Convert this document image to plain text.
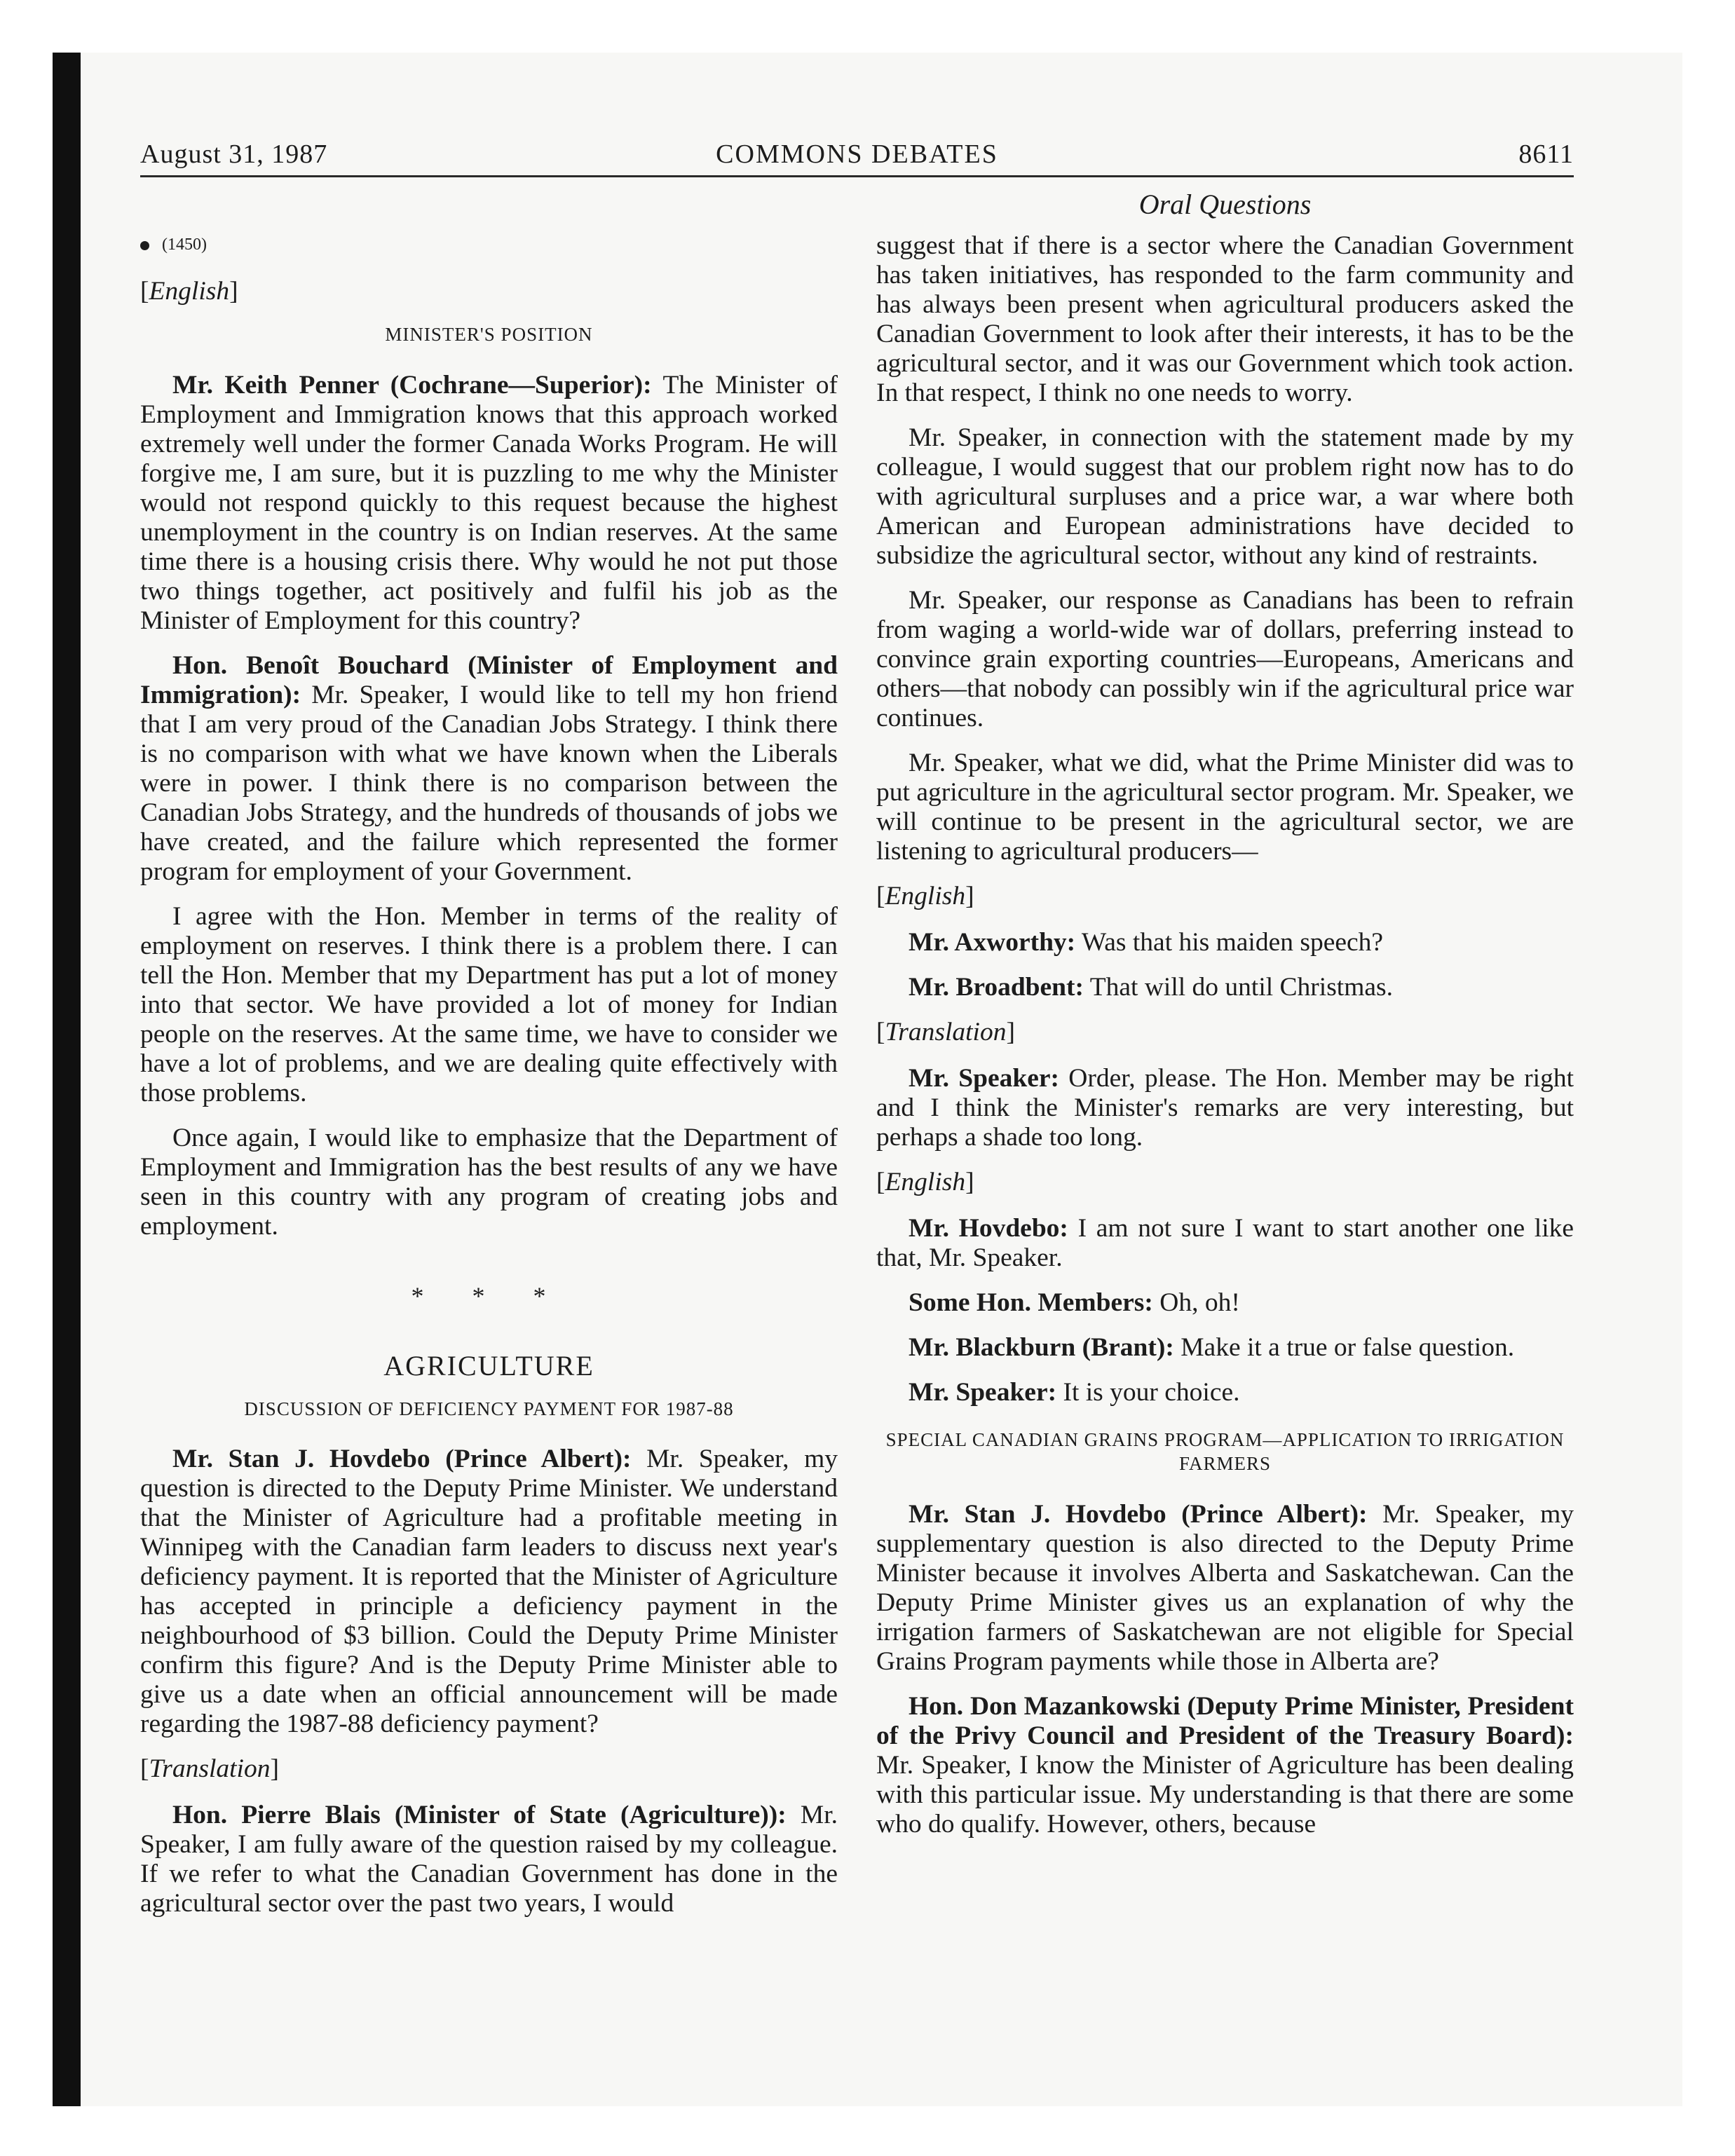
August 31, 1987	COMMONS DEBATES	8611
Oral Questions
(1450)
[English]
MINISTER'S POSITION

Mr. Keith Penner (Cochrane—Superior): The Minister of Employment and Immigration knows that this approach worked extremely well under the former Canada Works Program. He will forgive me, I am sure, but it is puzzling to me why the Minister would not respond quickly to this request because the highest unemployment in the country is on Indian reserves. At the same time there is a housing crisis there. Why would he not put those two things together, act positively and fulfil his job as the Minister of Employment for this country?

Hon. Benoît Bouchard (Minister of Employment and Immigration): Mr. Speaker, I would like to tell my hon friend that I am very proud of the Canadian Jobs Strategy. I think there is no comparison with what we have known when the Liberals were in power. I think there is no comparison between the Canadian Jobs Strategy, and the hundreds of thousands of jobs we have created, and the failure which represented the former program for employment of your Government.

I agree with the Hon. Member in terms of the reality of employment on reserves. I think there is a problem there. I can tell the Hon. Member that my Department has put a lot of money into that sector. We have provided a lot of money for Indian people on the reserves. At the same time, we have to consider we have a lot of problems, and we are dealing quite effectively with those problems.

Once again, I would like to emphasize that the Department of Employment and Immigration has the best results of any we have seen in this country with any program of creating jobs and employment.

* * *
AGRICULTURE
DISCUSSION OF DEFICIENCY PAYMENT FOR 1987-88

Mr. Stan J. Hovdebo (Prince Albert): Mr. Speaker, my question is directed to the Deputy Prime Minister. We understand that the Minister of Agriculture had a profitable meeting in Winnipeg with the Canadian farm leaders to discuss next year's deficiency payment. It is reported that the Minister of Agriculture has accepted in principle a deficiency payment in the neighbourhood of $3 billion. Could the Deputy Prime Minister confirm this figure? And is the Deputy Prime Minister able to give us a date when an official announcement will be made regarding the 1987-88 deficiency payment?

[Translation]

Hon. Pierre Blais (Minister of State (Agriculture)): Mr. Speaker, I am fully aware of the question raised by my colleague. If we refer to what the Canadian Government has done in the agricultural sector over the past two years, I would

suggest that if there is a sector where the Canadian Government has taken initiatives, has responded to the farm community and has always been present when agricultural producers asked the Canadian Government to look after their interests, it has to be the agricultural sector, and it was our Government which took action. In that respect, I think no one needs to worry.

Mr. Speaker, in connection with the statement made by my colleague, I would suggest that our problem right now has to do with agricultural surpluses and a price war, a war where both American and European administrations have decided to subsidize the agricultural sector, without any kind of restraints.

Mr. Speaker, our response as Canadians has been to refrain from waging a world-wide war of dollars, preferring instead to convince grain exporting countries—Europeans, Americans and others—that nobody can possibly win if the agricultural price war continues.

Mr. Speaker, what we did, what the Prime Minister did was to put agriculture in the agricultural sector program. Mr. Speaker, we will continue to be present in the agricultural sector, we are listening to agricultural producers—

[English]

Mr. Axworthy: Was that his maiden speech?

Mr. Broadbent: That will do until Christmas.

[Translation]

Mr. Speaker: Order, please. The Hon. Member may be right and I think the Minister's remarks are very interesting, but perhaps a shade too long.

[English]

Mr. Hovdebo: I am not sure I want to start another one like that, Mr. Speaker.

Some Hon. Members: Oh, oh!

Mr. Blackburn (Brant): Make it a true or false question.

Mr. Speaker: It is your choice.

SPECIAL CANADIAN GRAINS PROGRAM—APPLICATION TO IRRIGATION FARMERS

Mr. Stan J. Hovdebo (Prince Albert): Mr. Speaker, my supplementary question is also directed to the Deputy Prime Minister because it involves Alberta and Saskatchewan. Can the Deputy Prime Minister gives us an explanation of why the irrigation farmers of Saskatchewan are not eligible for Special Grains Program payments while those in Alberta are?

Hon. Don Mazankowski (Deputy Prime Minister, President of the Privy Council and President of the Treasury Board): Mr. Speaker, I know the Minister of Agriculture has been dealing with this particular issue. My understanding is that there are some who do qualify. However, others, because
